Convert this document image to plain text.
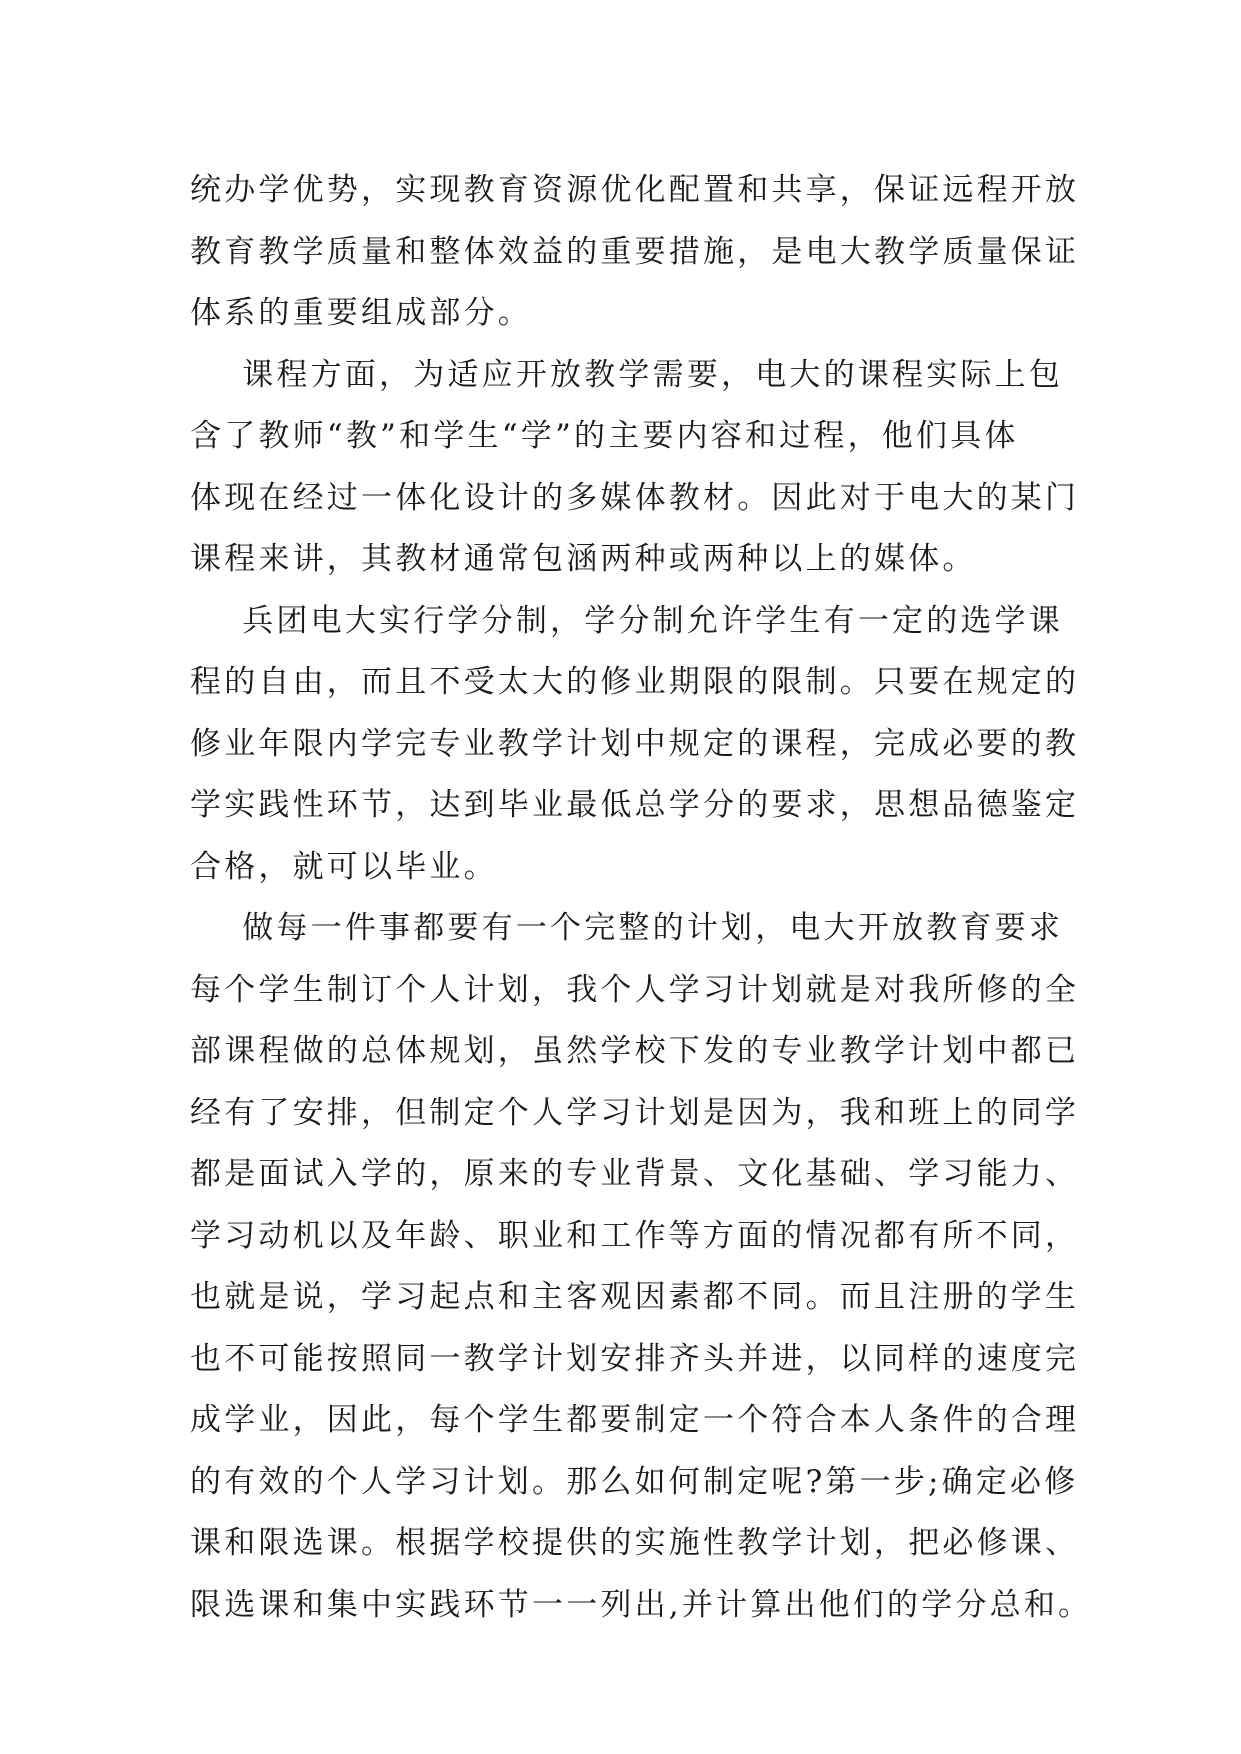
统办学优势，实现教育资源优化配置和共享，保证远程开放
教育教学质量和整体效益的重要措施，是电大教学质量保证
体系的重要组成部分。
课程方面，为适应开放教学需要，电大的课程实际上包
含了教师“教”和学生“学”的主要内容和过程，他们具体
体现在经过一体化设计的多媒体教材。因此对于电大的某门
课程来讲，其教材通常包涵两种或两种以上的媒体。
兵团电大实行学分制，学分制允许学生有一定的选学课
程的自由，而且不受太大的修业期限的限制。只要在规定的
修业年限内学完专业教学计划中规定的课程，完成必要的教
学实践性环节，达到毕业最低总学分的要求，思想品德鉴定
合格，就可以毕业。
做每一件事都要有一个完整的计划，电大开放教育要求
每个学生制订个人计划，我个人学习计划就是对我所修的全
部课程做的总体规划，虽然学校下发的专业教学计划中都已
经有了安排，但制定个人学习计划是因为，我和班上的同学
都是面试入学的，原来的专业背景、文化基础、学习能力、
学习动机以及年龄、职业和工作等方面的情况都有所不同，
也就是说，学习起点和主客观因素都不同。而且注册的学生
也不可能按照同一教学计划安排齐头并进，以同样的速度完
成学业，因此，每个学生都要制定一个符合本人条件的合理
的有效的个人学习计划。那么如何制定呢?第一步;确定必修
课和限选课。根据学校提供的实施性教学计划，把必修课、
限选课和集中实践环节一一列出,并计算出他们的学分总和。
